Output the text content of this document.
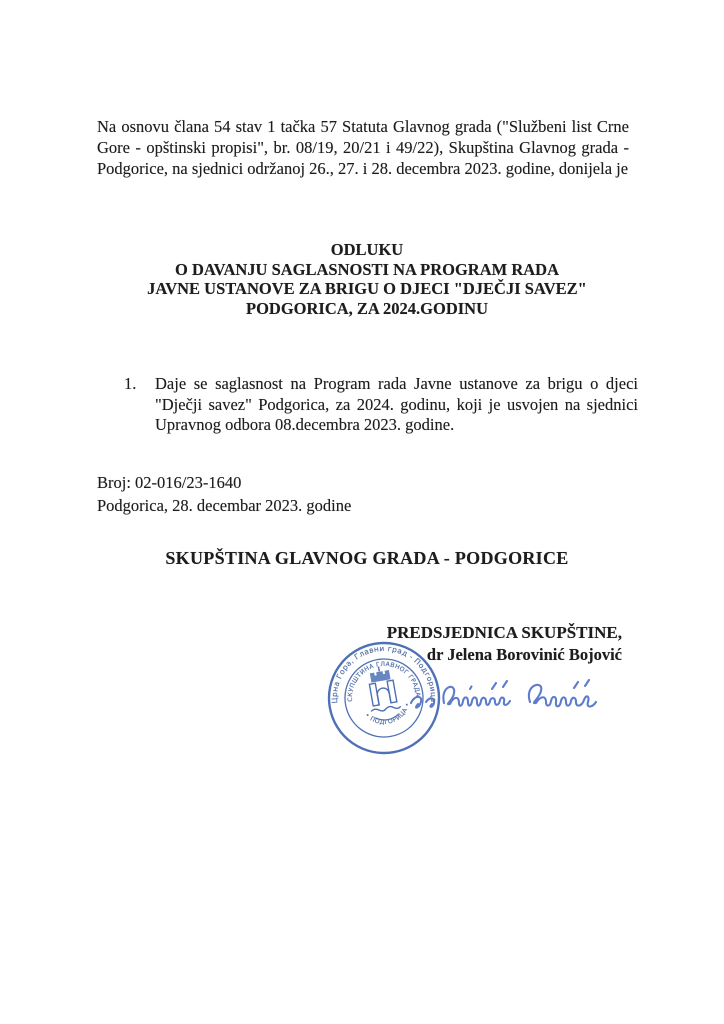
Na osnovu člana 54 stav 1 tačka 57 Statuta Glavnog grada ("Službeni list Crne Gore - opštinski propisi", br. 08/19, 20/21 i 49/22), Skupština Glavnog grada - Podgorice, na sjednici održanoj 26., 27. i 28. decembra 2023. godine, donijela je

ODLUKU
O DAVANJU SAGLASNOSTI NA PROGRAM RADA
JAVNE USTANOVE ZA BRIGU O DJECI "DJEČJI SAVEZ"
PODGORICA, ZA 2024.GODINU
1.	Daje se saglasnost na Program rada Javne ustanove za brigu o djeci "Dječji savez" Podgorica, za 2024. godinu, koji je usvojen na sjednici Upravnog odbora 08.decembra 2023. godine.
Broj: 02-016/23-1640
Podgorica, 28. decembar 2023. godine
SKUPŠTINA GLAVNOG GRADA - PODGORICE
Црна Гора, Главни град - Подгорица
СКУПШТИНА ГЛАВНОГ ГРАДА
• ПОДГОРИЦА •
PREDSJEDNICA SKUPŠTINE,
dr Jelena Borovinić Bojović
